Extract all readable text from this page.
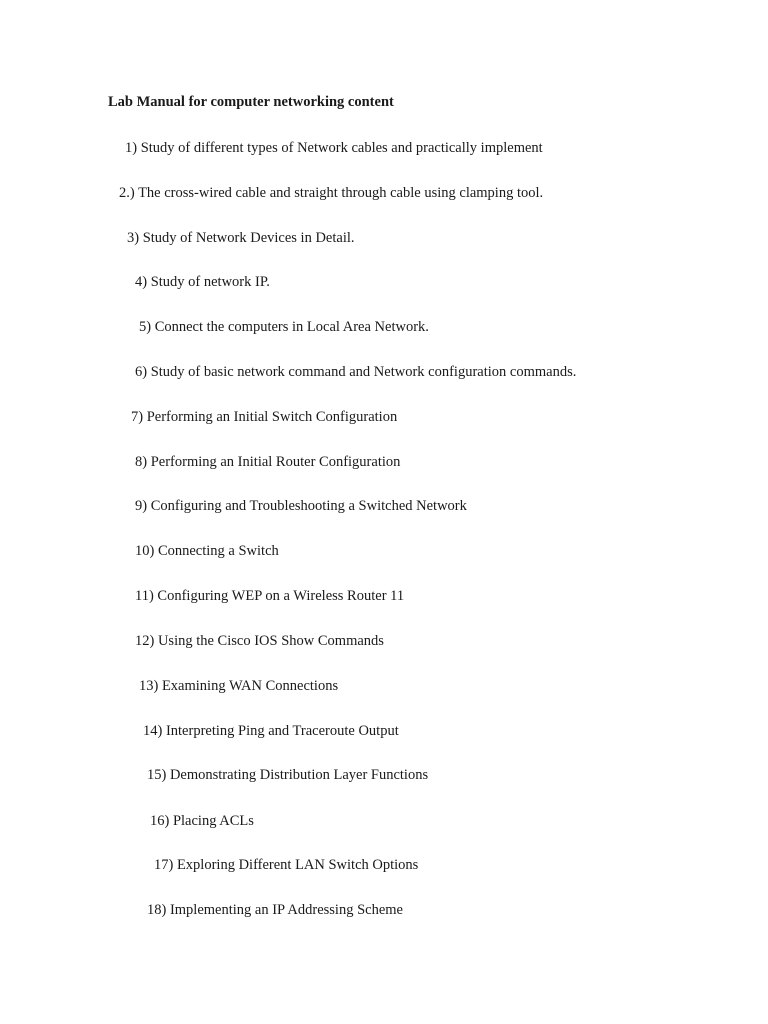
Lab Manual for computer networking content
1) Study of different types of Network cables and practically implement
2.) The cross-wired cable and straight through cable using clamping tool.
3) Study of Network Devices in Detail.
4) Study of network IP.
5) Connect the computers in Local Area Network.
6) Study of basic network command and Network configuration commands.
7) Performing an Initial Switch Configuration
8) Performing an Initial Router Configuration
9) Configuring and Troubleshooting a Switched Network
10) Connecting a Switch
11) Configuring WEP on a Wireless Router 11
12) Using the Cisco IOS Show Commands
13) Examining WAN Connections
14) Interpreting Ping and Traceroute Output
15) Demonstrating Distribution Layer Functions
16) Placing ACLs
17) Exploring Different LAN Switch Options
18) Implementing an IP Addressing Scheme
